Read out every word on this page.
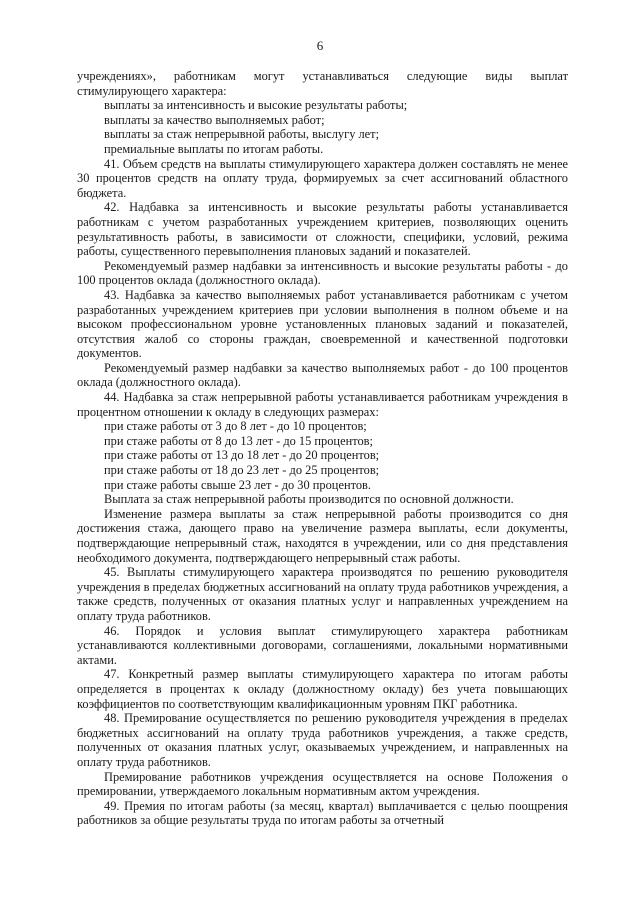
6

учреждениях», работникам могут устанавливаться следующие виды выплат стимулирующего характера:

выплаты за интенсивность и высокие результаты работы;

выплаты за качество выполняемых работ;

выплаты за стаж непрерывной работы, выслугу лет;

премиальные выплаты по итогам работы.

41. Объем средств на выплаты стимулирующего характера должен составлять не менее 30 процентов средств на оплату труда, формируемых за счет ассигнований областного бюджета.

42. Надбавка за интенсивность и высокие результаты работы устанавливается работникам с учетом разработанных учреждением критериев, позволяющих оценить результативность работы, в зависимости от сложности, специфики, условий, режима работы, существенного перевыполнения плановых заданий и показателей.

Рекомендуемый размер надбавки за интенсивность и высокие результаты работы - до 100 процентов оклада (должностного оклада).

43. Надбавка за качество выполняемых работ устанавливается работникам с учетом разработанных учреждением критериев при условии выполнения в полном объеме и на высоком профессиональном уровне установленных плановых заданий и показателей, отсутствия жалоб со стороны граждан, своевременной и качественной подготовки документов.

Рекомендуемый размер надбавки за качество выполняемых работ - до 100 процентов оклада (должностного оклада).

44. Надбавка за стаж непрерывной работы устанавливается работникам учреждения в процентном отношении к окладу в следующих размерах:

при стаже работы от 3 до 8 лет - до 10 процентов;

при стаже работы от 8 до 13 лет - до 15 процентов;

при стаже работы от 13 до 18 лет - до 20 процентов;

при стаже работы от 18 до 23 лет - до 25 процентов;

при стаже работы свыше 23 лет - до 30 процентов.

Выплата за стаж непрерывной работы производится по основной должности.

Изменение размера выплаты за стаж непрерывной работы производится со дня достижения стажа, дающего право на увеличение размера выплаты, если документы, подтверждающие непрерывный стаж, находятся в учреждении, или со дня представления необходимого документа, подтверждающего непрерывный стаж работы.

45. Выплаты стимулирующего характера производятся по решению руководителя учреждения в пределах бюджетных ассигнований на оплату труда работников учреждения, а также средств, полученных от оказания платных услуг и направленных учреждением на оплату труда работников.

46. Порядок и условия выплат стимулирующего характера работникам устанавливаются коллективными договорами, соглашениями, локальными нормативными актами.

47. Конкретный размер выплаты стимулирующего характера по итогам работы определяется в процентах к окладу (должностному окладу) без учета повышающих коэффициентов по соответствующим квалификационным уровням ПКГ работника.

48. Премирование осуществляется по решению руководителя учреждения в пределах бюджетных ассигнований на оплату труда работников учреждения, а также средств, полученных от оказания платных услуг, оказываемых учреждением, и направленных на оплату труда работников.

Премирование работников учреждения осуществляется на основе Положения о премировании, утверждаемого локальным нормативным актом учреждения.

49. Премия по итогам работы (за месяц, квартал) выплачивается с целью поощрения работников за общие результаты труда по итогам работы за отчетный
